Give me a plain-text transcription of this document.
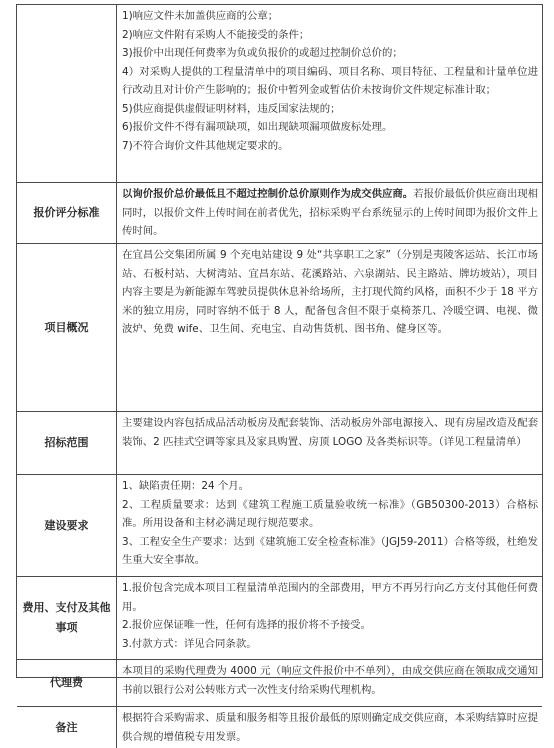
1)响应文件未加盖供应商的公章；

2)响应文件附有采购人不能接受的条件；

3)报价中出现任何费率为负或负报价的或超过控制价总价的；

4）对采购人提供的工程量清单中的项目编码、项目名称、项目特征、工程量和计量单位进行改动且对计价产生影响的；报价中暂列金或暂估价未按询价文件规定标准计取；

5)供应商提供虚假证明材料，违反国家法规的；

6)报价文件不得有漏项缺项，如出现缺项漏项做废标处理。

7)不符合询价文件其他规定要求的。

报价评分标准

以询价报价总价最低且不超过控制价总价原则作为成交供应商。若报价最低价供应商出现相同时，以报价文件上传时间在前者优先，招标采购平台系统显示的上传时间即为报价文件上传时间。

项目概况

在宜昌公交集团所属 9 个充电站建设 9 处“共享职工之家”（分别是夷陵客运站、长江市场站、石板村站、大树湾站、宜昌东站、花溪路站、六泉湖站、民主路站、牌坊坡站），项目内容主要是为新能源车驾驶员提供休息补给场所，主打现代简约风格，面积不少于 18 平方米的独立用房，同时容纳不低于 8 人，配备包含但不限于桌椅茶几、冷暖空调、电视、微波炉、免费 wife、卫生间、充电宝、自动售货机、图书角、健身区等。

招标范围

主要建设内容包括成品活动板房及配套装饰、活动板房外部电源接入、现有房屋改造及配套装饰、2 匹挂式空调等家具及家具购置、房顶 LOGO 及各类标识等。（详见工程量清单）

建设要求

1、缺陷责任期：24 个月。

2、工程质量要求：达到《建筑工程施工质量验收统一标准》（GB50300-2013）合格标准。所用设备和主材必满足现行规范要求。

3、工程安全生产要求：达到《建筑施工安全检查标准》（JGJ59-2011）合格等级，杜绝发生重大安全事故。

费用、支付及其他事项

1.报价包含完成本项目工程量清单范围内的全部费用，甲方不再另行向乙方支付其他任何费用。

2.报价应保证唯一性，任何有选择的报价将不予接受。

3.付款方式：详见合同条款。

代理费

本项目的采购代理费为 4000 元（响应文件报价中不单列），由成交供应商在领取成交通知书前以银行公对公转账方式一次性支付给采购代理机构。

备注

根据符合采购需求、质量和服务相等且报价最低的原则确定成交供应商，本采购结算时应提供合规的增值税专用发票。
